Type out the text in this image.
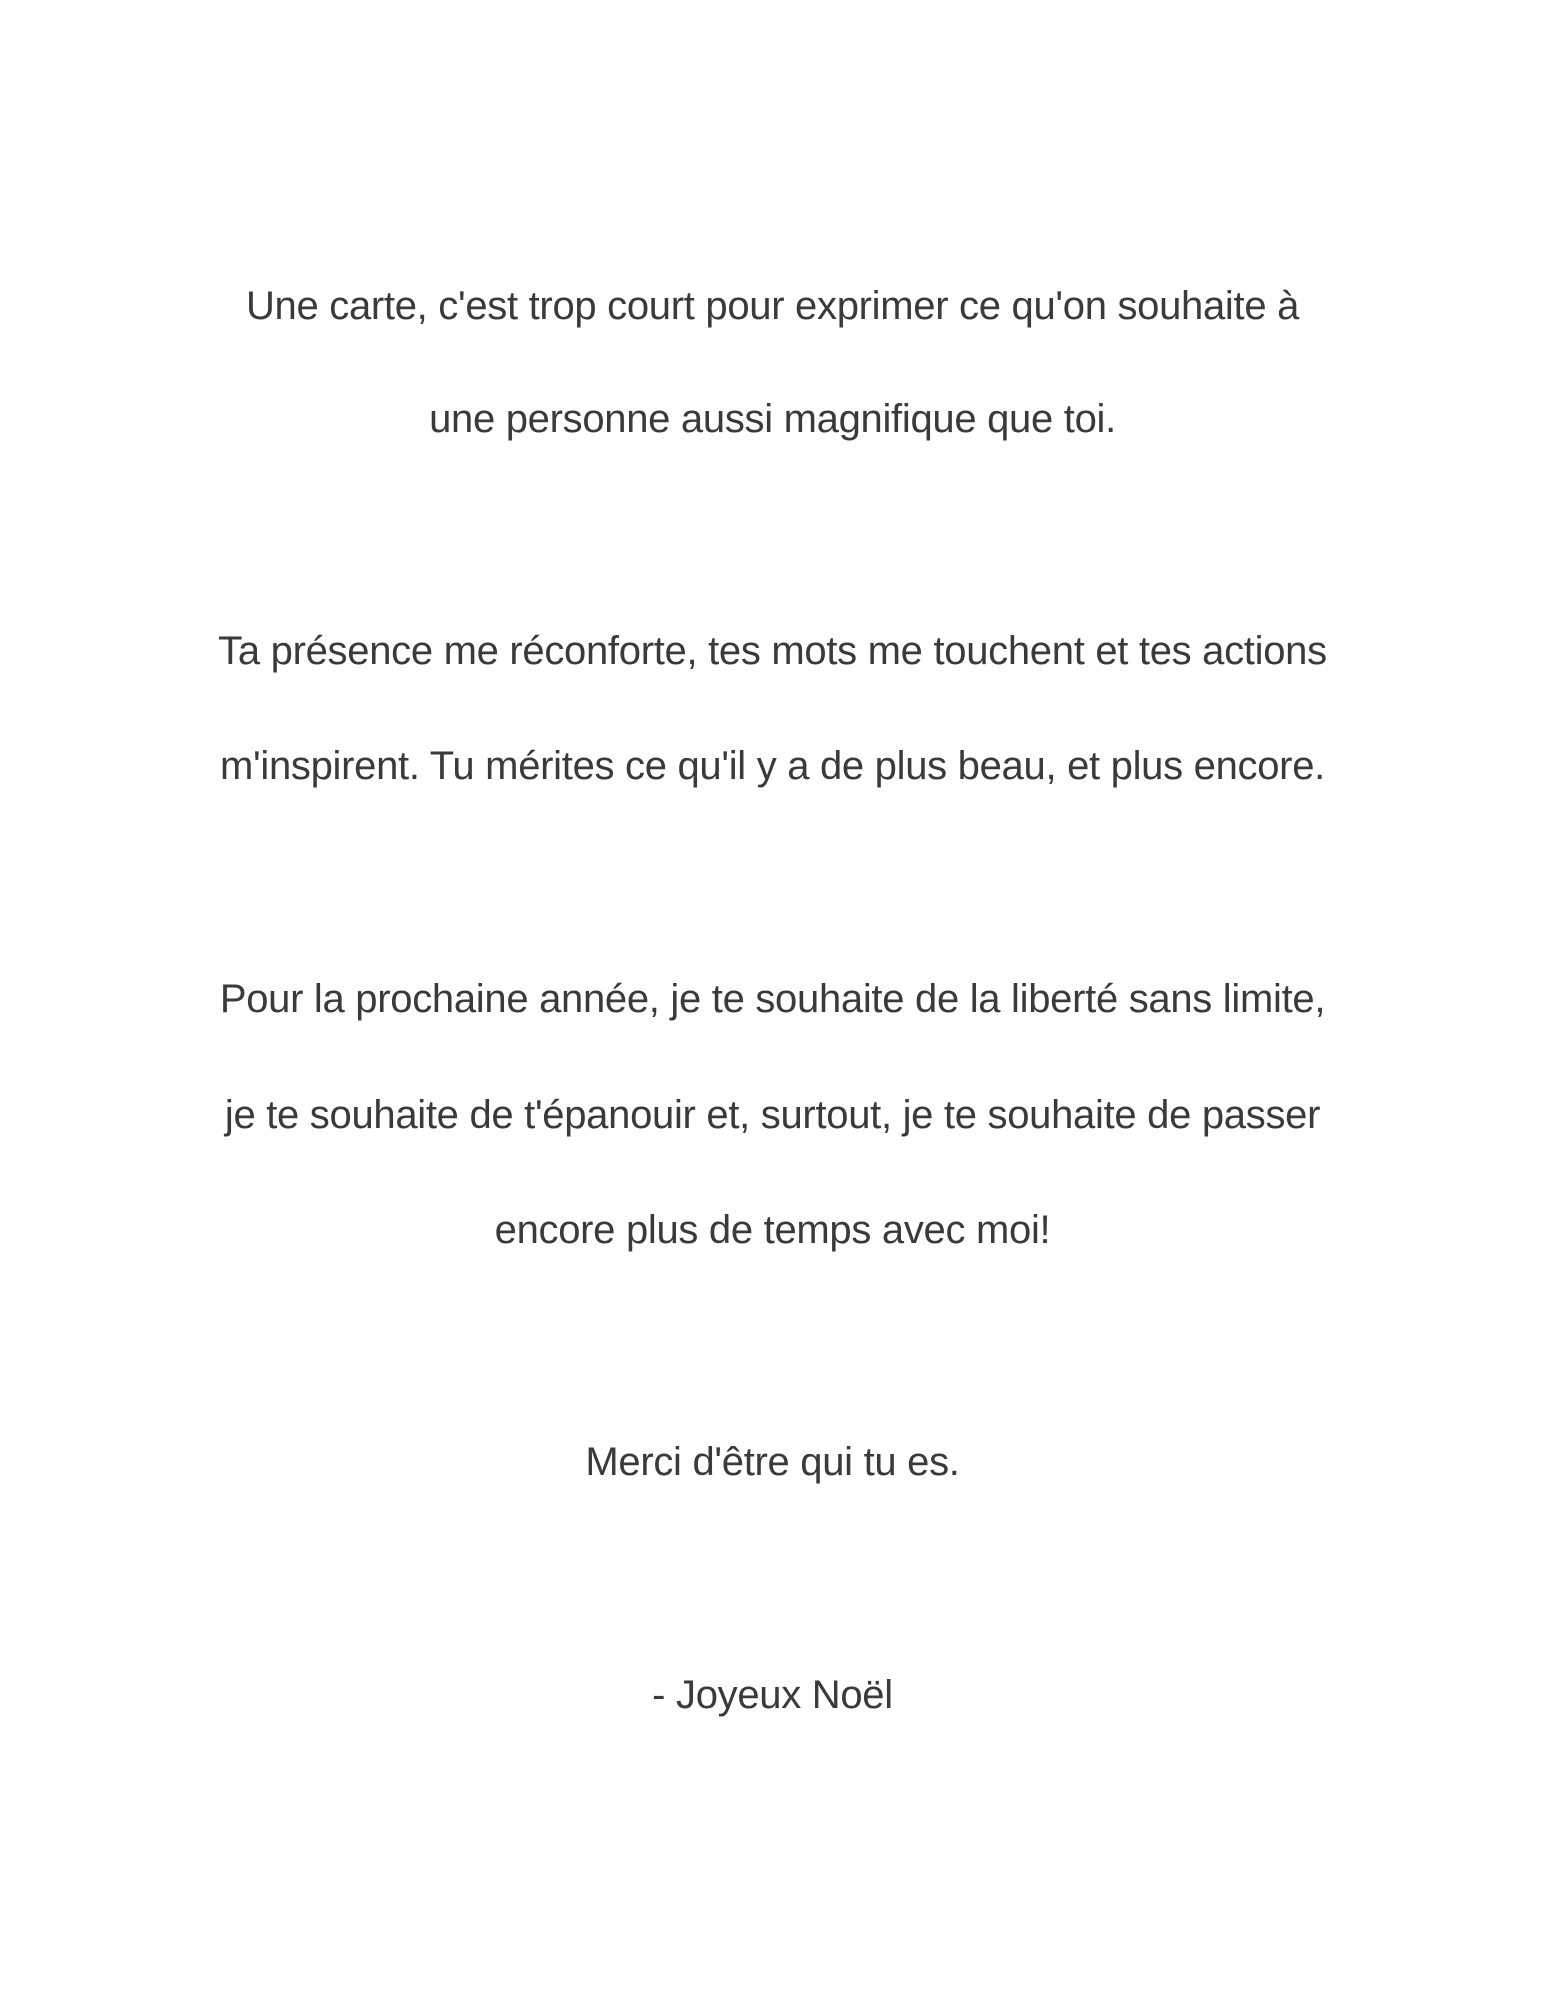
Une carte, c'est trop court pour exprimer ce qu'on souhaite à
une personne aussi magnifique que toi.
Ta présence me réconforte, tes mots me touchent et tes actions
m'inspirent. Tu mérites ce qu'il y a de plus beau, et plus encore.
Pour la prochaine année, je te souhaite de la liberté sans limite,
je te souhaite de t'épanouir et, surtout, je te souhaite de passer
encore plus de temps avec moi!
Merci d'être qui tu es.
- Joyeux Noël
